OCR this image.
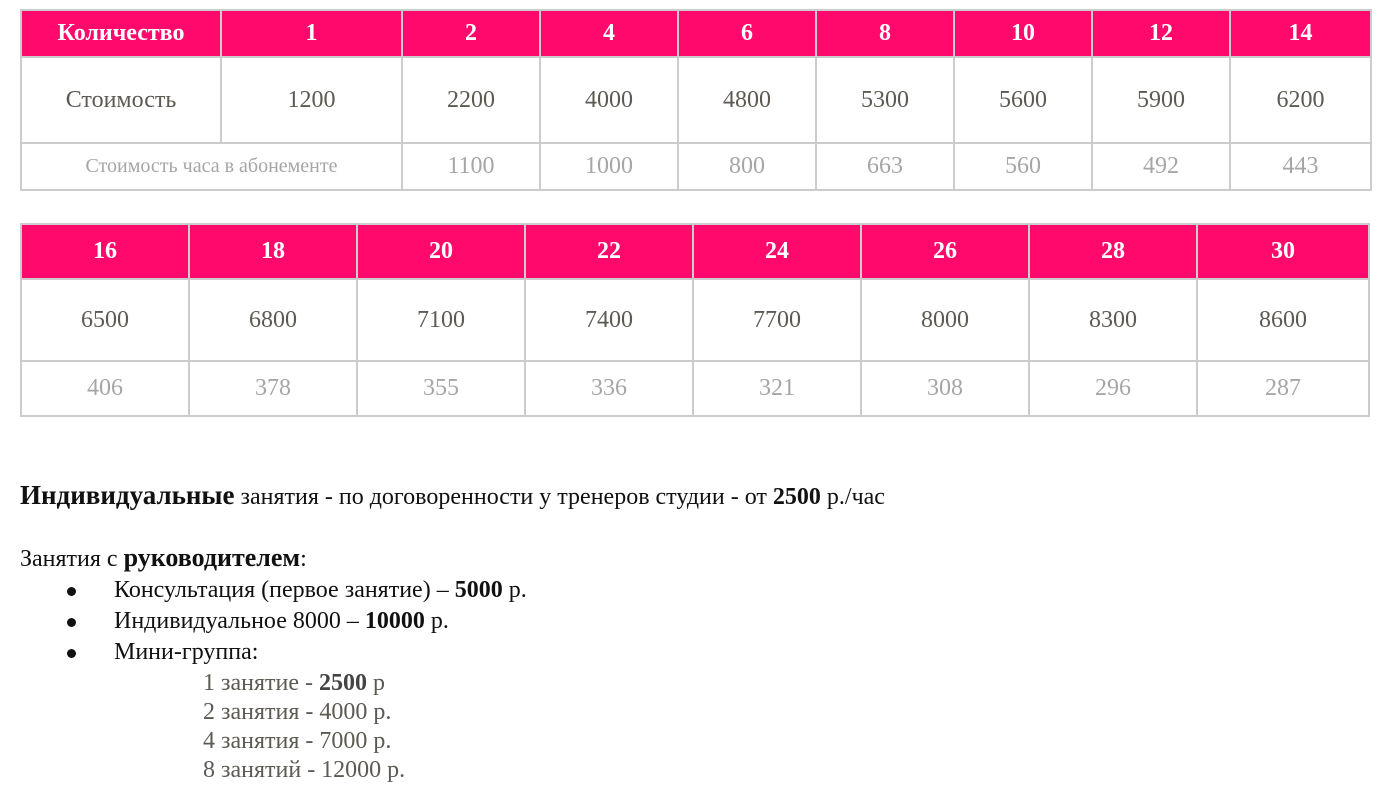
Количество	1	2	4	6	8	10	12	14
Стоимость	1200	2200	4000	4800	5300	5600	5900	6200
Стоимость часа в абонементе		1100	1000	800	663	560	492	443
16	18	20	22	24	26	28	30
6500	6800	7100	7400	7700	8000	8300	8600
406	378	355	336	321	308	296	287

Индивидуальные занятия - по договоренности у тренеров студии - от 2500 р./час

Занятия с руководителем:

Консультация (первое занятие) – 5000 р.
Индивидуальное 8000 – 10000 р.
Мини-группа:
1 занятие - 2500 р
2 занятия - 4000 р.
4 занятия - 7000 р.
8 занятий - 12000 р.
